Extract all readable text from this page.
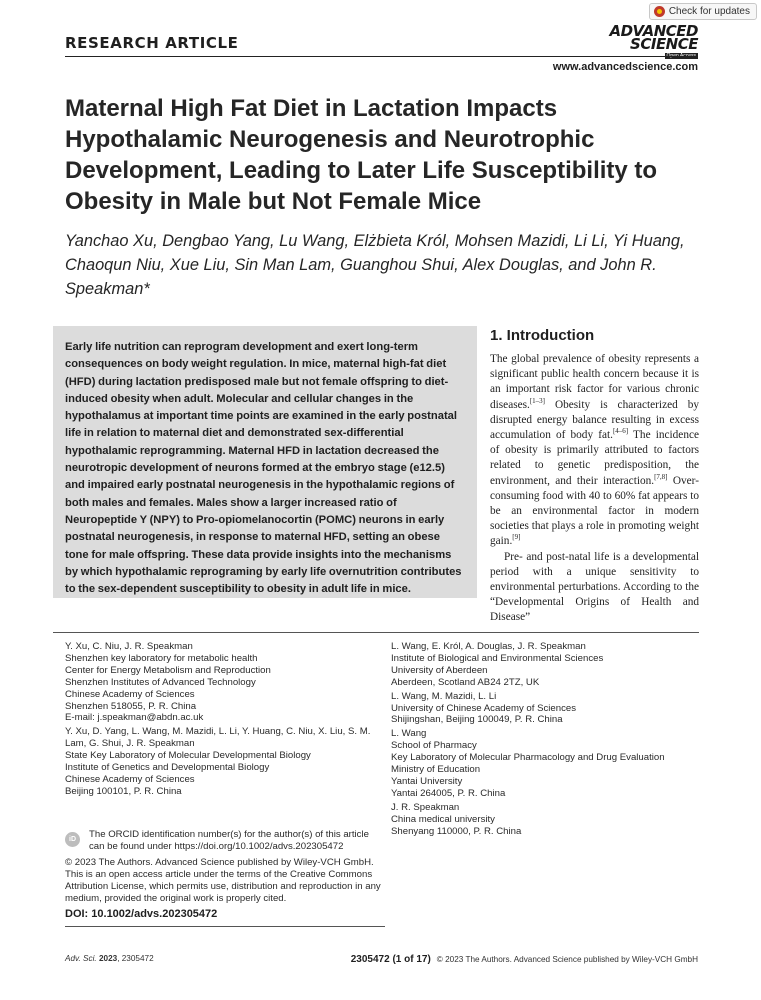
Check for updates
RESEARCH ARTICLE
ADVANCED
SCIENCE
www.advancedscience.com
Maternal High Fat Diet in Lactation Impacts Hypothalamic Neurogenesis and Neurotrophic Development, Leading to Later Life Susceptibility to Obesity in Male but Not Female Mice
Yanchao Xu, Dengbao Yang, Lu Wang, Elżbieta Król, Mohsen Mazidi, Li Li, Yi Huang, Chaoqun Niu, Xue Liu, Sin Man Lam, Guanghou Shui, Alex Douglas, and John R. Speakman*

Early life nutrition can reprogram development and exert long-term consequences on body weight regulation. In mice, maternal high-fat diet (HFD) during lactation predisposed male but not female offspring to diet-induced obesity when adult. Molecular and cellular changes in the hypothalamus at important time points are examined in the early postnatal life in relation to maternal diet and demonstrated sex-differential hypothalamic reprogramming. Maternal HFD in lactation decreased the neurotropic development of neurons formed at the embryo stage (e12.5) and impaired early postnatal neurogenesis in the hypothalamic regions of both males and females. Males show a larger increased ratio of Neuropeptide Y (NPY) to Pro-opiomelanocortin (POMC) neurons in early postnatal neurogenesis, in response to maternal HFD, setting an obese tone for male offspring. These data provide insights into the mechanisms by which hypothalamic reprograming by early life overnutrition contributes to the sex-dependent susceptibility to obesity in adult life in mice.

1. Introduction

The global prevalence of obesity represents a significant public health concern because it is an important risk factor for various chronic diseases.[1–3] Obesity is characterized by disrupted energy balance resulting in excess accumulation of body fat.[4–6] The incidence of obesity is primarily attributed to factors related to genetic predisposition, the environment, and their interaction.[7,8] Over-consuming food with 40 to 60% fat appears to be an environmental factor in modern societies that plays a role in promoting weight gain.[9]

Pre- and post-natal life is a developmental period with a unique sensitivity to environmental perturbations. According to the “Developmental Origins of Health and Disease”

Y. Xu, C. Niu, J. R. Speakman
Shenzhen key laboratory for metabolic health
Center for Energy Metabolism and Reproduction
Shenzhen Institutes of Advanced Technology
Chinese Academy of Sciences
Shenzhen 518055, P. R. China
E-mail: j.speakman@abdn.ac.uk
Y. Xu, D. Yang, L. Wang, M. Mazidi, L. Li, Y. Huang, C. Niu, X. Liu, S. M. Lam, G. Shui, J. R. Speakman
State Key Laboratory of Molecular Developmental Biology
Institute of Genetics and Developmental Biology
Chinese Academy of Sciences
Beijing 100101, P. R. China
L. Wang, E. Król, A. Douglas, J. R. Speakman
Institute of Biological and Environmental Sciences
University of Aberdeen
Aberdeen, Scotland AB24 2TZ, UK
L. Wang, M. Mazidi, L. Li
University of Chinese Academy of Sciences
Shijingshan, Beijing 100049, P. R. China
L. Wang
School of Pharmacy
Key Laboratory of Molecular Pharmacology and Drug Evaluation
Ministry of Education
Yantai University
Yantai 264005, P. R. China
J. R. Speakman
China medical university
Shenyang 110000, P. R. China
iD	The ORCID identification number(s) for the author(s) of this article can be found under https://doi.org/10.1002/advs.202305472
© 2023 The Authors. Advanced Science published by Wiley-VCH GmbH. This is an open access article under the terms of the Creative Commons Attribution License, which permits use, distribution and reproduction in any medium, provided the original work is properly cited.
DOI: 10.1002/advs.202305472
Adv. Sci. 2023, 2305472	2305472 (1 of 17) © 2023 The Authors. Advanced Science published by Wiley-VCH GmbH
